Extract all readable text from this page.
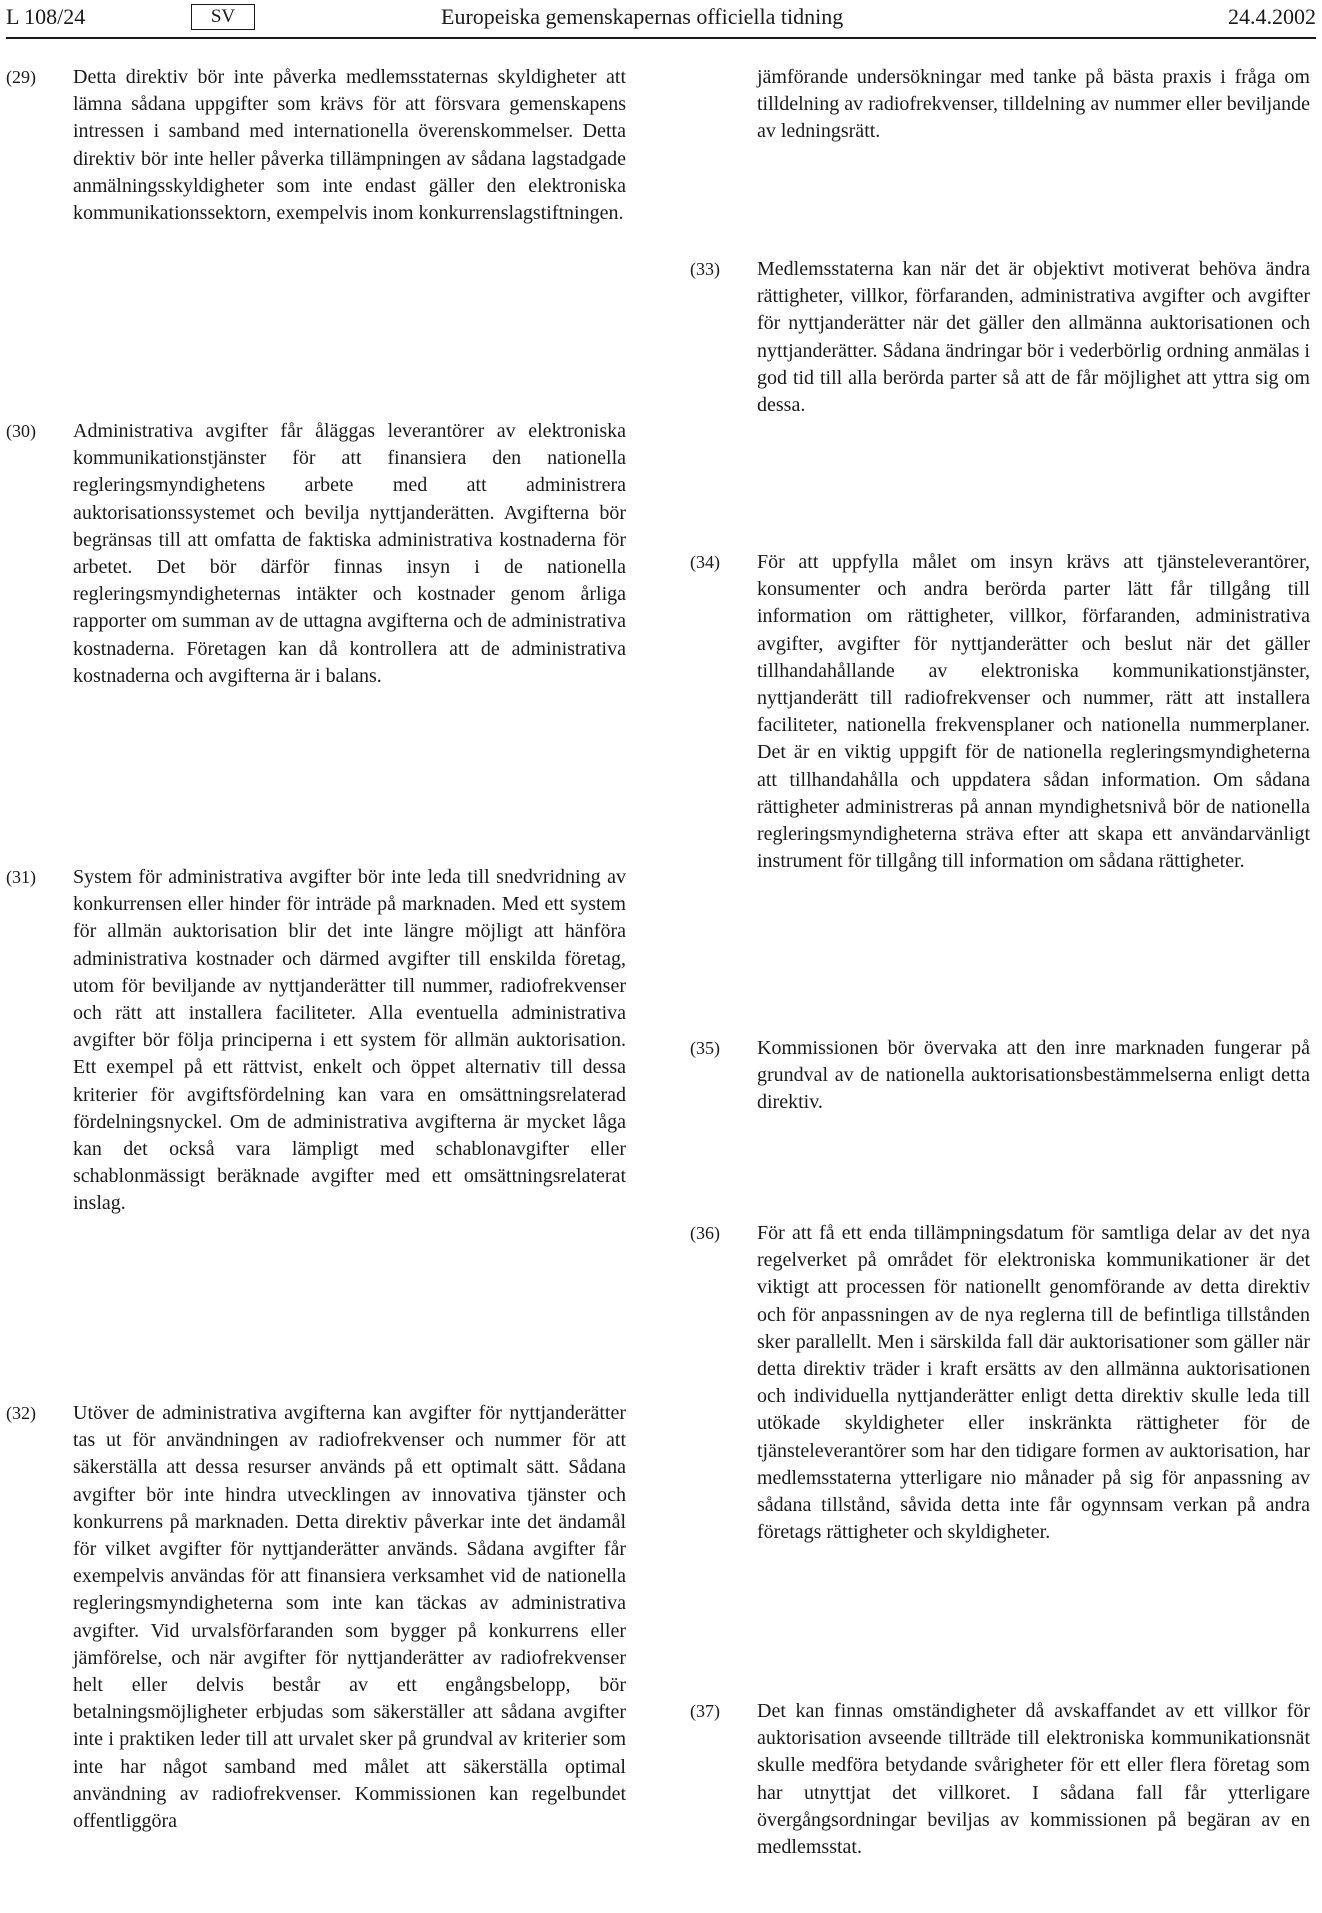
L 108/24	SV	Europeiska gemenskapernas officiella tidning	24.4.2002
(29)	Detta direktiv bör inte påverka medlemsstaternas skyldigheter att lämna sådana uppgifter som krävs för att försvara gemenskapens intressen i samband med internationella överenskommelser. Detta direktiv bör inte heller påverka tillämpningen av sådana lagstadgade anmälningsskyldigheter som inte endast gäller den elektroniska kommunikationssektorn, exempelvis inom konkurrenslagstiftningen.
(30)	Administrativa avgifter får åläggas leverantörer av elektroniska kommunikationstjänster för att finansiera den nationella regleringsmyndighetens arbete med att administrera auktorisationssystemet och bevilja nyttjanderätten. Avgifterna bör begränsas till att omfatta de faktiska administrativa kostnaderna för arbetet. Det bör därför finnas insyn i de nationella regleringsmyndigheternas intäkter och kostnader genom årliga rapporter om summan av de uttagna avgifterna och de administrativa kostnaderna. Företagen kan då kontrollera att de administrativa kostnaderna och avgifterna är i balans.
(31)	System för administrativa avgifter bör inte leda till snedvridning av konkurrensen eller hinder för inträde på marknaden. Med ett system för allmän auktorisation blir det inte längre möjligt att hänföra administrativa kostnader och därmed avgifter till enskilda företag, utom för beviljande av nyttjanderätter till nummer, radiofrekvenser och rätt att installera faciliteter. Alla eventuella administrativa avgifter bör följa principerna i ett system för allmän auktorisation. Ett exempel på ett rättvist, enkelt och öppet alternativ till dessa kriterier för avgiftsfördelning kan vara en omsättningsrelaterad fördelningsnyckel. Om de administrativa avgifterna är mycket låga kan det också vara lämpligt med schablonavgifter eller schablonmässigt beräknade avgifter med ett omsättningsrelaterat inslag.
(32)	Utöver de administrativa avgifterna kan avgifter för nyttjanderätter tas ut för användningen av radiofrekvenser och nummer för att säkerställa att dessa resurser används på ett optimalt sätt. Sådana avgifter bör inte hindra utvecklingen av innovativa tjänster och konkurrens på marknaden. Detta direktiv påverkar inte det ändamål för vilket avgifter för nyttjanderätter används. Sådana avgifter får exempelvis användas för att finansiera verksamhet vid de nationella regleringsmyndigheterna som inte kan täckas av administrativa avgifter. Vid urvalsförfaranden som bygger på konkurrens eller jämförelse, och när avgifter för nyttjanderätter av radiofrekvenser helt eller delvis består av ett engångsbelopp, bör betalningsmöjligheter erbjudas som säkerställer att sådana avgifter inte i praktiken leder till att urvalet sker på grundval av kriterier som inte har något samband med målet att säkerställa optimal användning av radiofrekvenser. Kommissionen kan regelbundet offentliggöra
jämförande undersökningar med tanke på bästa praxis i fråga om tilldelning av radiofrekvenser, tilldelning av nummer eller beviljande av ledningsrätt.
(33)	Medlemsstaterna kan när det är objektivt motiverat behöva ändra rättigheter, villkor, förfaranden, administrativa avgifter och avgifter för nyttjanderätter när det gäller den allmänna auktorisationen och nyttjanderätter. Sådana ändringar bör i vederbörlig ordning anmälas i god tid till alla berörda parter så att de får möjlighet att yttra sig om dessa.
(34)	För att uppfylla målet om insyn krävs att tjänsteleverantörer, konsumenter och andra berörda parter lätt får tillgång till information om rättigheter, villkor, förfaranden, administrativa avgifter, avgifter för nyttjanderätter och beslut när det gäller tillhandahållande av elektroniska kommunikationstjänster, nyttjanderätt till radiofrekvenser och nummer, rätt att installera faciliteter, nationella frekvensplaner och nationella nummerplaner. Det är en viktig uppgift för de nationella regleringsmyndigheterna att tillhandahålla och uppdatera sådan information. Om sådana rättigheter administreras på annan myndighetsnivå bör de nationella regleringsmyndigheterna sträva efter att skapa ett användarvänligt instrument för tillgång till information om sådana rättigheter.
(35)	Kommissionen bör övervaka att den inre marknaden fungerar på grundval av de nationella auktorisationsbestämmelserna enligt detta direktiv.
(36)	För att få ett enda tillämpningsdatum för samtliga delar av det nya regelverket på området för elektroniska kommunikationer är det viktigt att processen för nationellt genomförande av detta direktiv och för anpassningen av de nya reglerna till de befintliga tillstånden sker parallellt. Men i särskilda fall där auktorisationer som gäller när detta direktiv träder i kraft ersätts av den allmänna auktorisationen och individuella nyttjanderätter enligt detta direktiv skulle leda till utökade skyldigheter eller inskränkta rättigheter för de tjänsteleverantörer som har den tidigare formen av auktorisation, har medlemsstaterna ytterligare nio månader på sig för anpassning av sådana tillstånd, såvida detta inte får ogynnsam verkan på andra företags rättigheter och skyldigheter.
(37)	Det kan finnas omständigheter då avskaffandet av ett villkor för auktorisation avseende tillträde till elektroniska kommunikationsnät skulle medföra betydande svårigheter för ett eller flera företag som har utnyttjat det villkoret. I sådana fall får ytterligare övergångsordningar beviljas av kommissionen på begäran av en medlemsstat.
